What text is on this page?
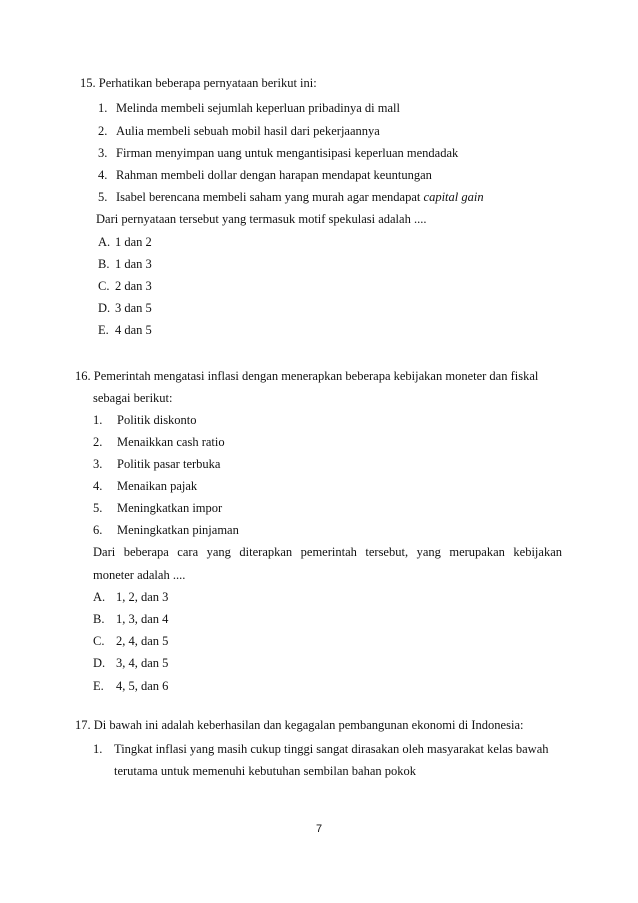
15. Perhatikan beberapa pernyataan berikut ini:
1. Melinda membeli sejumlah keperluan pribadinya di mall
2. Aulia membeli sebuah mobil hasil dari pekerjaannya
3. Firman menyimpan uang untuk mengantisipasi keperluan mendadak
4. Rahman membeli dollar dengan harapan mendapat keuntungan
5. Isabel berencana membeli saham yang murah agar mendapat capital gain
Dari pernyataan tersebut yang termasuk motif spekulasi adalah ....
A. 1 dan 2
B. 1 dan 3
C. 2 dan 3
D. 3 dan 5
E. 4 dan 5
16. Pemerintah mengatasi inflasi dengan menerapkan beberapa kebijakan moneter dan fiskal
sebagai berikut:
1. Politik diskonto
2. Menaikkan cash ratio
3. Politik pasar terbuka
4. Menaikan pajak
5. Meningkatkan impor
6. Meningkatkan pinjaman
Dari beberapa cara yang diterapkan pemerintah tersebut, yang merupakan kebijakan
moneter adalah ....
A. 1, 2, dan 3
B. 1, 3, dan 4
C. 2, 4, dan 5
D. 3, 4, dan 5
E. 4, 5, dan 6
17. Di bawah ini adalah keberhasilan dan kegagalan pembangunan ekonomi di Indonesia:
1. Tingkat inflasi yang masih cukup tinggi sangat dirasakan oleh masyarakat kelas bawah
terutama untuk memenuhi kebutuhan sembilan bahan pokok
7
